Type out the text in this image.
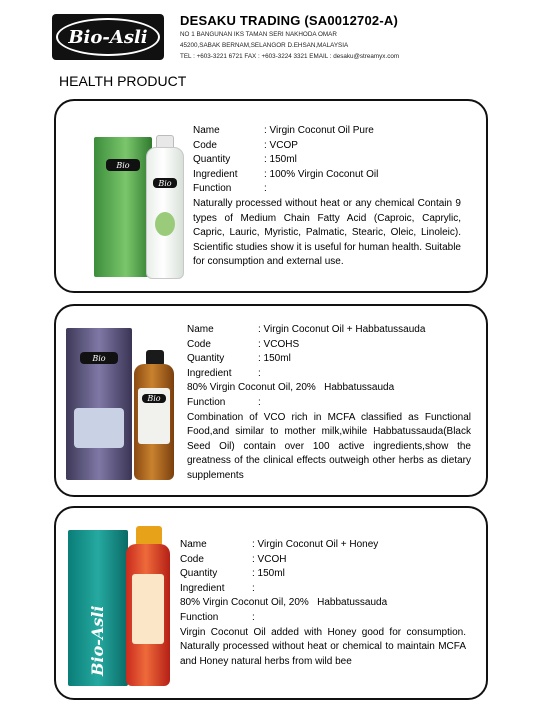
Bio-Asli
DESAKU TRADING (SA0012702-A)
NO 1 BANGUNAN IKS TAMAN SERI NAKHODA OMAR
45200,SABAK BERNAM,SELANGOR D.EHSAN,MALAYSIA
TEL : +603-3221 6721 FAX : +603-3224 3321 EMAIL : desaku@streamyx.com
HEALTH PRODUCT
Bio
Bio
Name	: Virgin Coconut Oil Pure
Code	: VCOP
Quantity	: 150ml
Ingredient	: 100% Virgin Coconut Oil
Function	:
Naturally processed without heat or any chemical Contain 9 types of Medium Chain Fatty Acid (Caproic, Caprylic, Capric, Lauric, Myristic, Palmatic, Stearic, Oleic, Linoleic). Scientific studies show it is useful for human health. Suitable for consumption and external use.
Bio
Bio
Name	: Virgin Coconut Oil + Habbatussauda
Code	: VCOHS
Quantity	: 150ml
Ingredient	:
80% Virgin Coconut Oil, 20%   Habbatussauda
Function	:
Combination of VCO rich in MCFA classified as Functional Food,and similar to mother milk,wihile Habbatussauda(Black Seed Oil) contain over 100 active ingredients,show the greatness of the clinical effects outweigh other herbs as dietary supplements
Bio-Asli
Name	: Virgin Coconut Oil + Honey
Code	: VCOH
Quantity	: 150ml
Ingredient	:
80% Virgin Coconut Oil, 20%   Habbatussauda
Function	:
Virgin Coconut Oil added with Honey good for consumption. Naturally processed without heat or chemical to maintain MCFA and Honey natural herbs from wild bee
